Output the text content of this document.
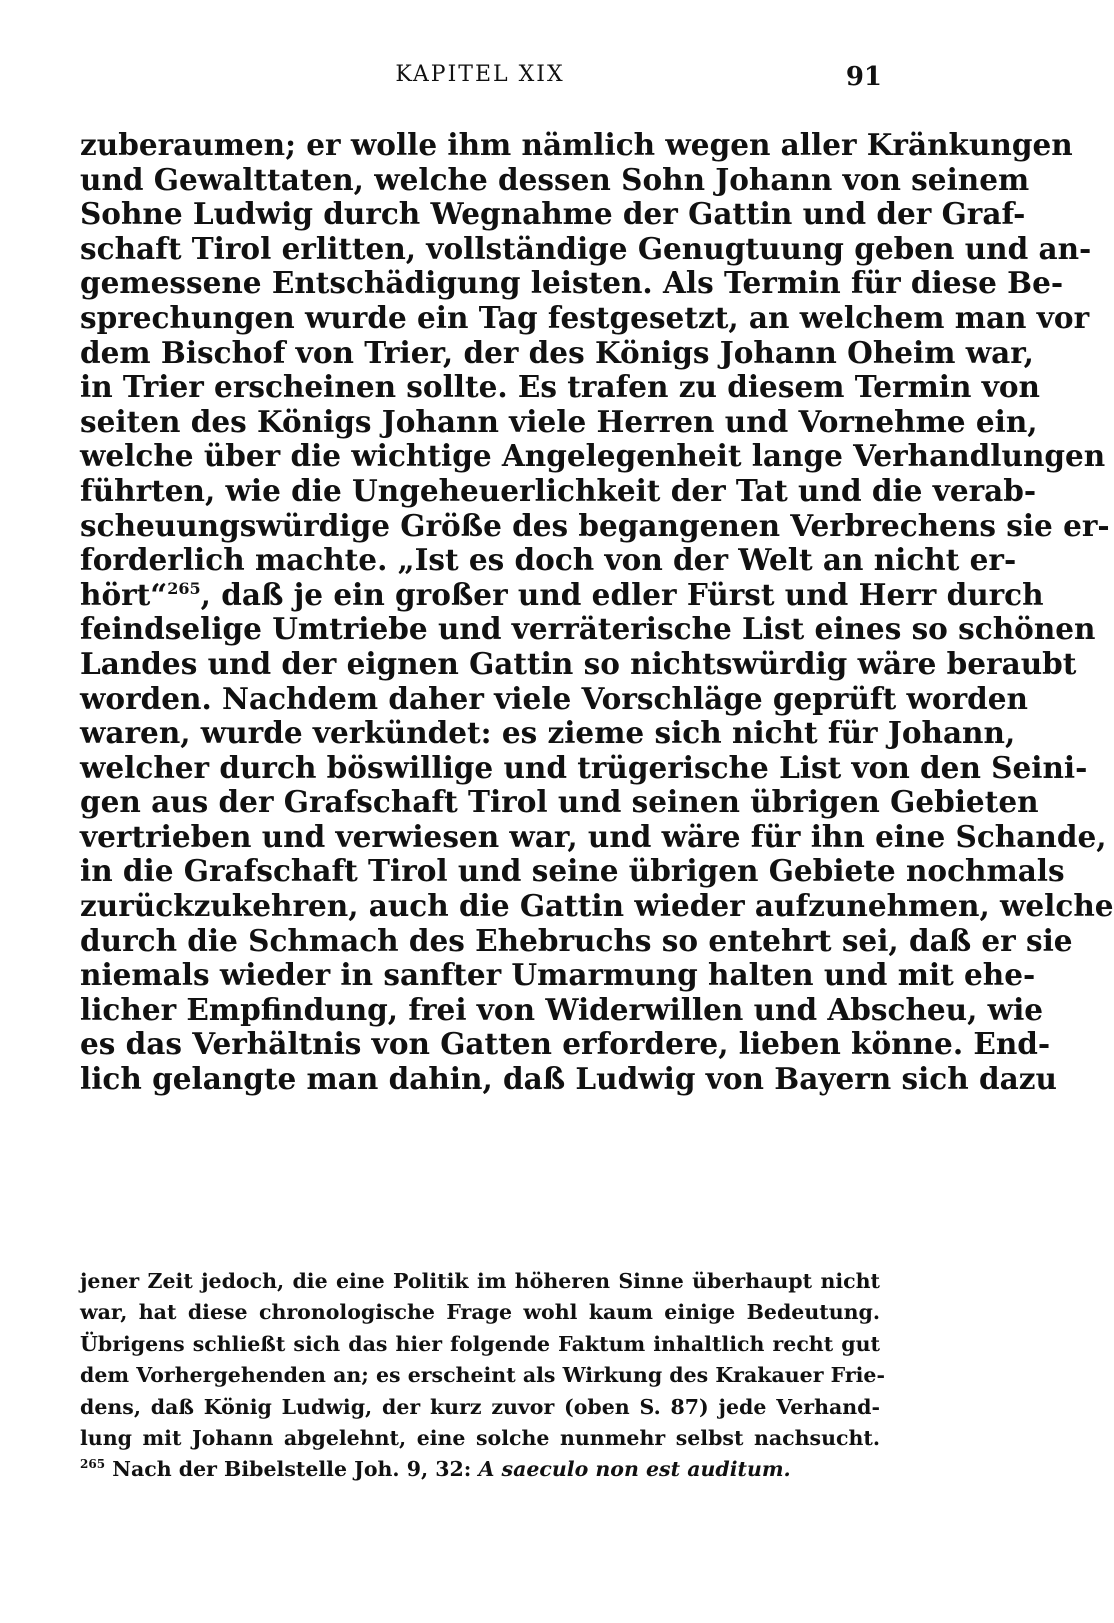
KAPITEL XIX	91
zuberaumen; er wolle ihm nämlich wegen aller Kränkungen
und Gewalttaten, welche dessen Sohn Johann von seinem
Sohne Ludwig durch Wegnahme der Gattin und der Graf-
schaft Tirol erlitten, vollständige Genugtuung geben und an-
gemessene Entschädigung leisten. Als Termin für diese Be-
sprechungen wurde ein Tag festgesetzt, an welchem man vor
dem Bischof von Trier, der des Königs Johann Oheim war,
in Trier erscheinen sollte. Es trafen zu diesem Termin von
seiten des Königs Johann viele Herren und Vornehme ein,
welche über die wichtige Angelegenheit lange Verhandlungen
führten, wie die Ungeheuerlichkeit der Tat und die verab-
scheuungswürdige Größe des begangenen Verbrechens sie er-
forderlich machte. „Ist es doch von der Welt an nicht er-
hört“$^{265}$, daß je ein großer und edler Fürst und Herr durch
feindselige Umtriebe und verräterische List eines so schönen
Landes und der eignen Gattin so nichtswürdig wäre beraubt
worden. Nachdem daher viele Vorschläge geprüft worden
waren, wurde verkündet: es zieme sich nicht für Johann,
welcher durch böswillige und trügerische List von den Seini-
gen aus der Grafschaft Tirol und seinen übrigen Gebieten
vertrieben und verwiesen war, und wäre für ihn eine Schande,
in die Grafschaft Tirol und seine übrigen Gebiete nochmals
zurückzukehren, auch die Gattin wieder aufzunehmen, welche
durch die Schmach des Ehebruchs so entehrt sei, daß er sie
niemals wieder in sanfter Umarmung halten und mit ehe-
licher Empfindung, frei von Widerwillen und Abscheu, wie
es das Verhältnis von Gatten erfordere, lieben könne. End-
lich gelangte man dahin, daß Ludwig von Bayern sich dazu
jener Zeit jedoch, die eine Politik im höheren Sinne überhaupt nicht
war, hat diese chronologische Frage wohl kaum einige Bedeutung.
Übrigens schließt sich das hier folgende Faktum inhaltlich recht gut
dem Vorhergehenden an; es erscheint als Wirkung des Krakauer Frie-
dens, daß König Ludwig, der kurz zuvor (oben S. 87) jede Verhand-
lung mit Johann abgelehnt, eine solche nunmehr selbst nachsucht.
$^{265}$ Nach der Bibelstelle Joh. 9, 32: A saeculo non est auditum.
